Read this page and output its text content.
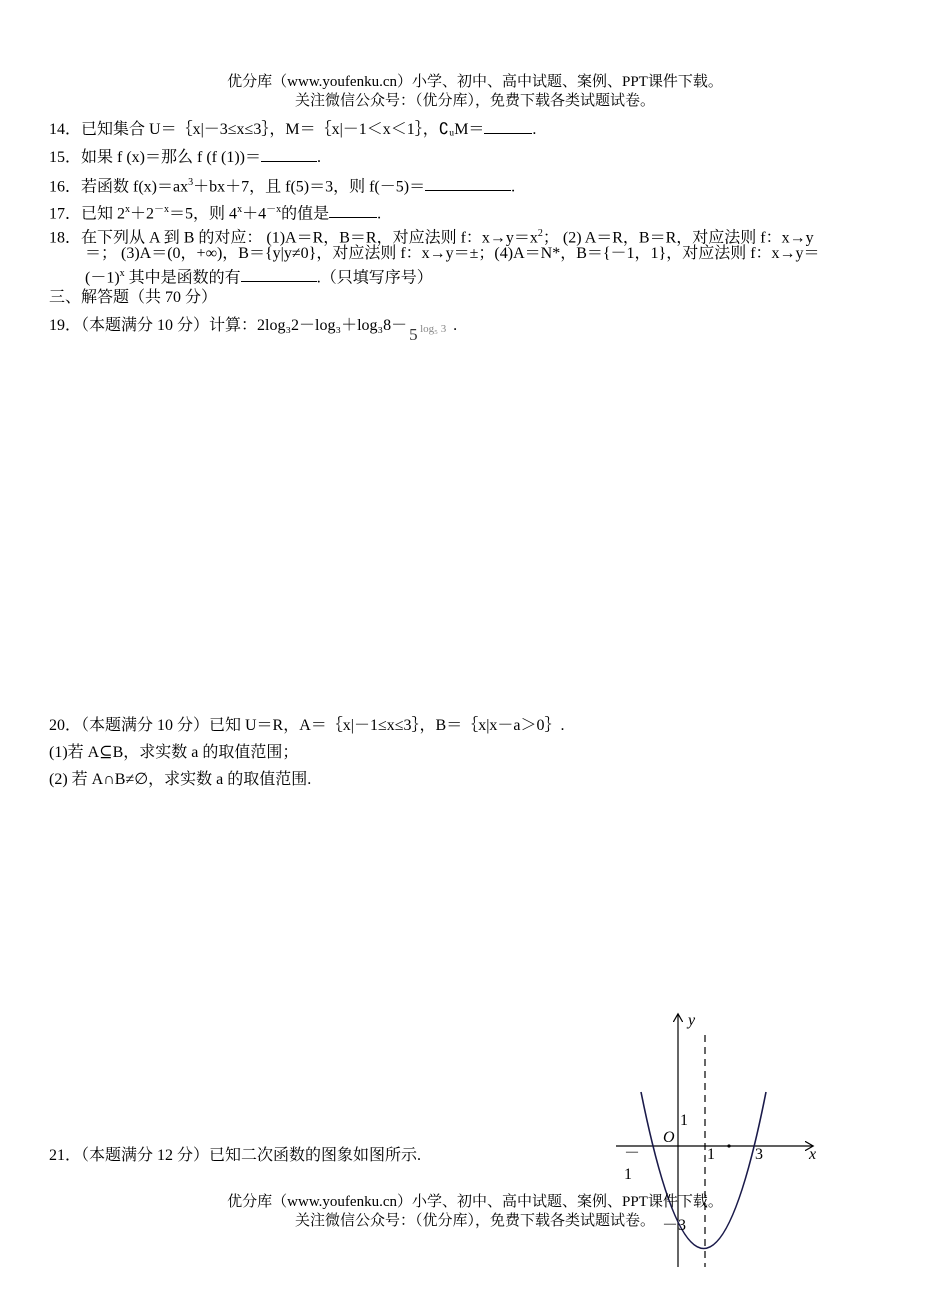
优分库（www.youfenku.cn）小学、初中、高中试题、案例、PPT课件下载。
关注微信公众号：（优分库），免费下载各类试题试卷。
14．已知集合 U＝｛x|－3≤x≤3｝，M＝｛x|－1＜x＜1｝，∁ᵤM＝	.
15．如果 f (x)＝那么 f (f (1))＝	.
16．若函数 $f(x)=ax^3+bx+7$，且 f(5)＝3，则 f(－5)＝	.
17．已知 $2^x+2^{-x}=5$，则 $4^x+4^{-x}$的值是	.
18．在下列从 A 到 B 的对应： (1)A＝R，B＝R，对应法则 f：$x\to y=x^2$； (2) A＝R，B＝R，对应法则 f：x→y
＝； (3)A＝(0，+∞)，B＝{y|y≠0}，对应法则 f：x→y＝±；(4)A＝N*，B＝{－1，1}，对应法则 f：x→y＝
$(-1)^x$ 其中是函数的有	.（只填写序号）
三、解答题（共 70 分）
19．（本题满分 10 分）计算：2log₃2－log₃＋log₃8－ 5 log₅ 3 .
20．（本题满分 10 分）已知 U＝R，A＝｛x|－1≤x≤3｝，B＝｛x|x－a＞0｝.
(1)若 A⊆B，求实数 a 的取值范围；
(2) 若 A∩B≠∅，求实数 a 的取值范围.
21．（本题满分 12 分）已知二次函数的图象如图所示.
y
x
O
1
－
1
1	3
－3
优分库（www.youfenku.cn）小学、初中、高中试题、案例、PPT课件下载。
关注微信公众号：（优分库），免费下载各类试题试卷。
